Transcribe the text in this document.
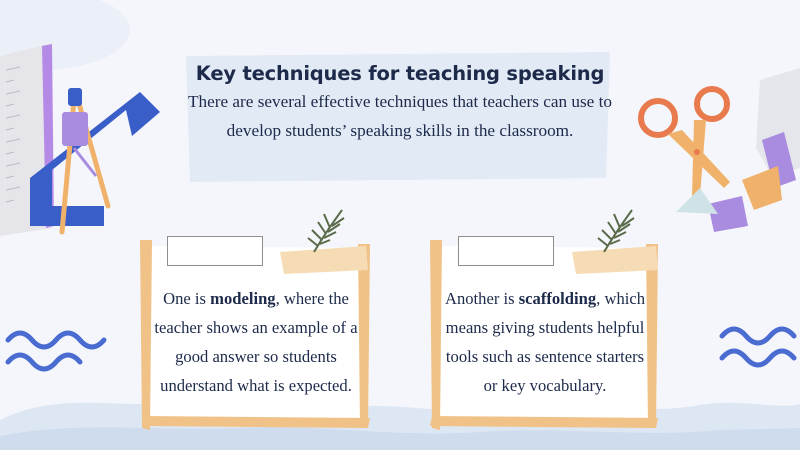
Key techniques for teaching speaking
There are several effective techniques that teachers can use to develop students’ speaking skills in the classroom.
One is modeling, where the teacher shows an example of a good answer so students understand what is expected.
Another is scaffolding, which means giving students helpful tools such as sentence starters or key vocabulary.
